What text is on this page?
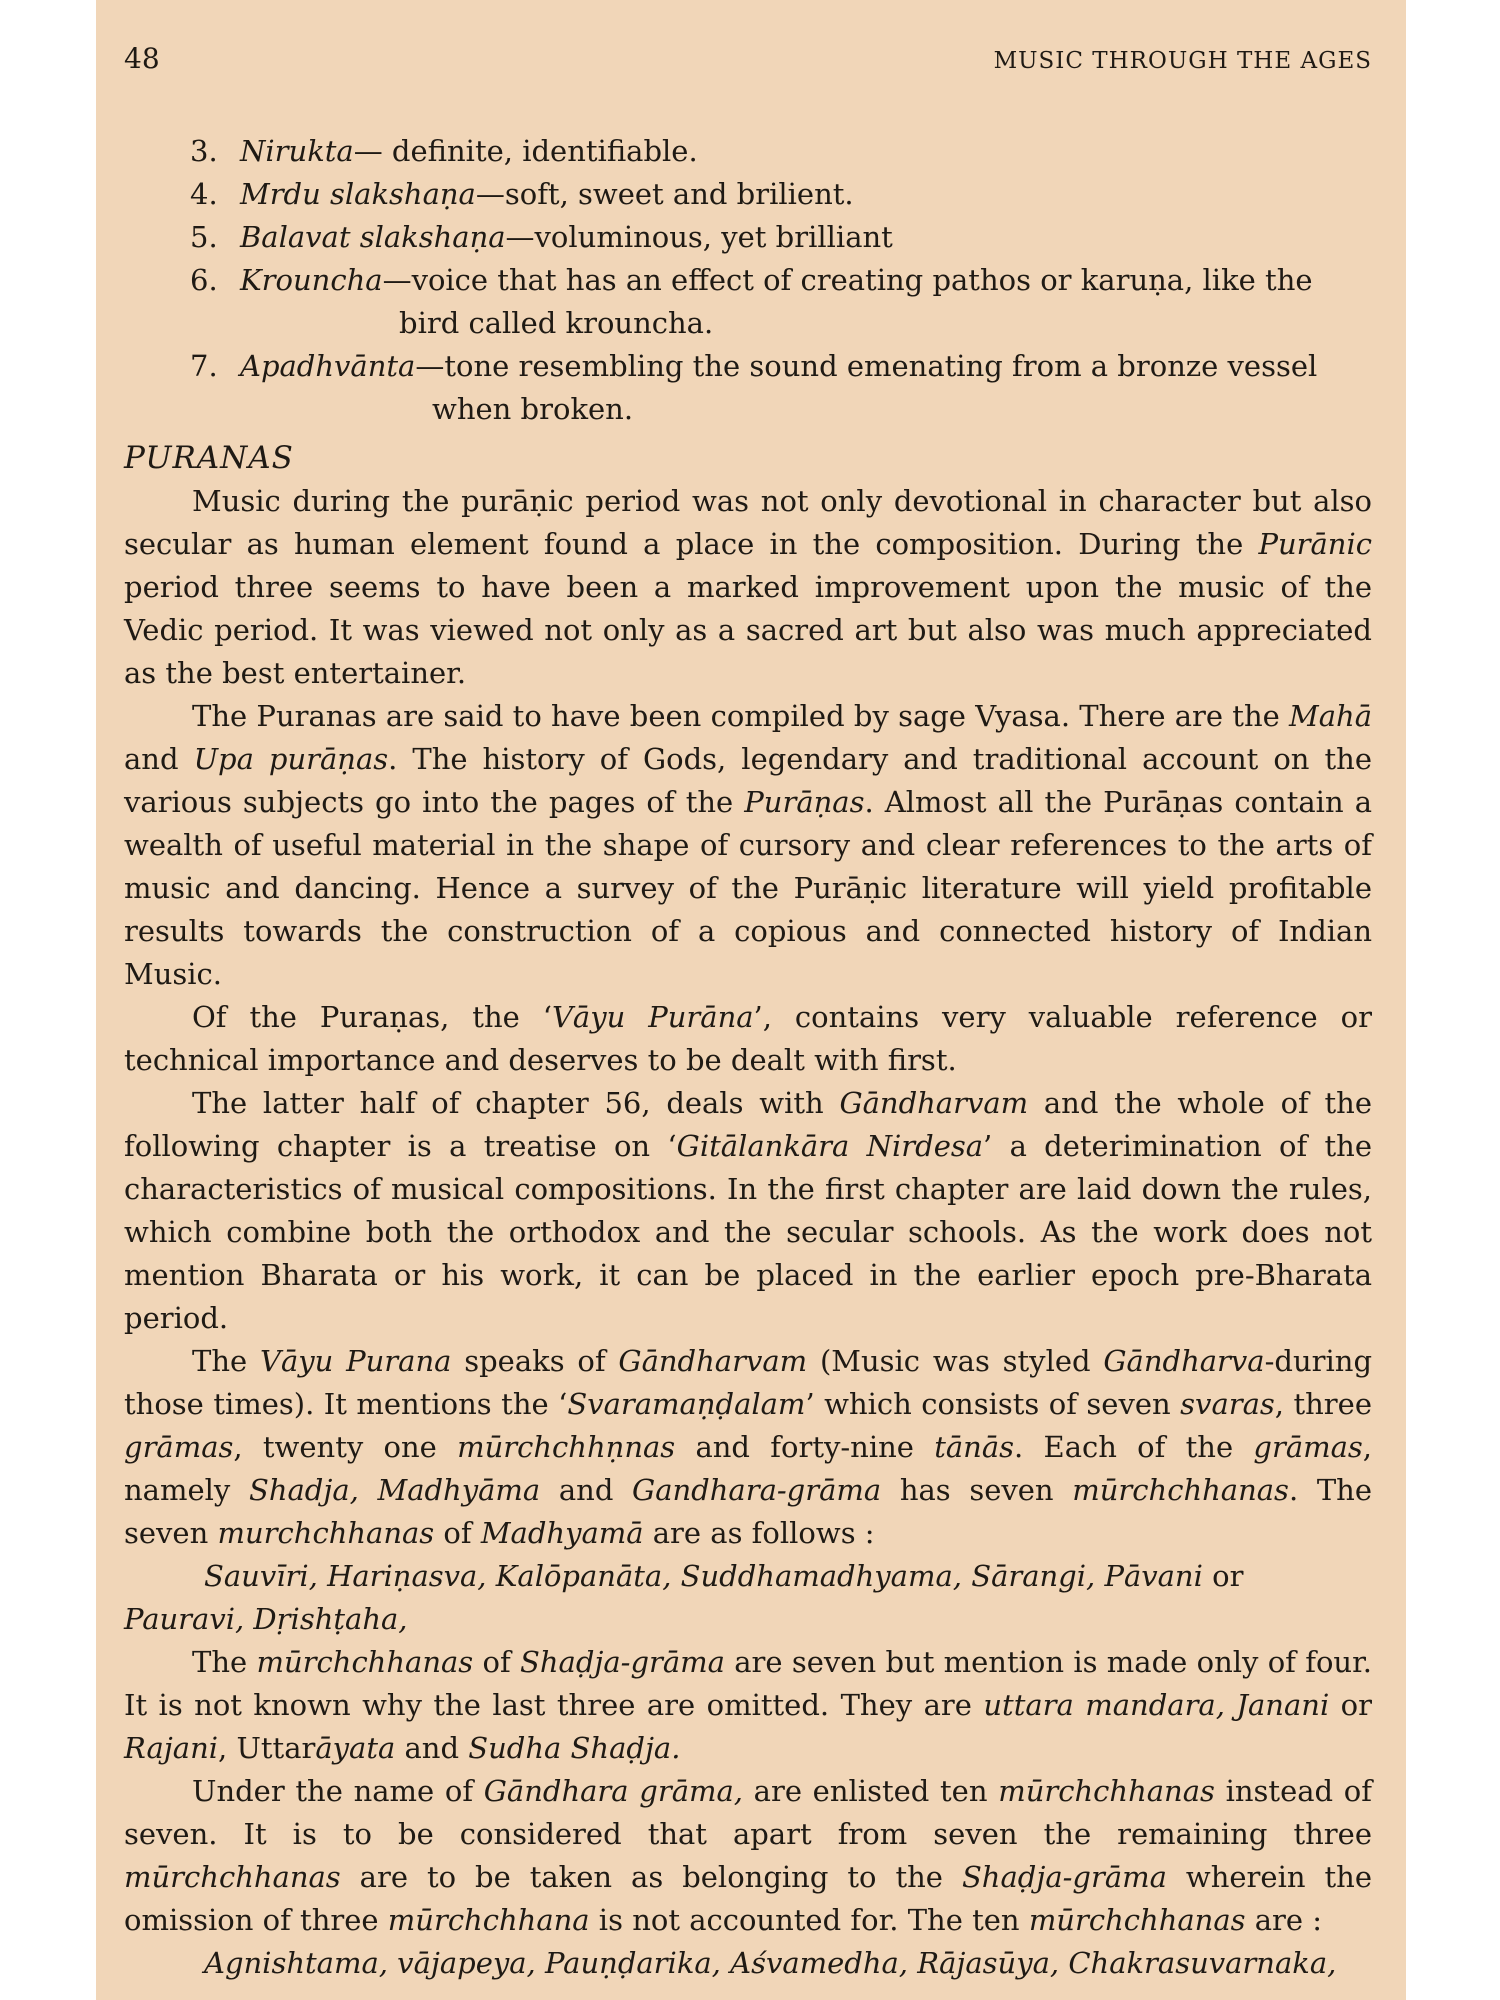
48	MUSIC THROUGH THE AGES
3. Nirukta— definite, identifiable.
4. Mrdu slakshaṇa—soft, sweet and brilient.
5. Balavat slakshaṇa—voluminous, yet brilliant
6. Krouncha—voice that has an effect of creating pathos or karuṇa, like the
bird called krouncha.
7. Apadhvānta—tone resembling the sound emenating from a bronze vessel
when broken.
PURANAS

Music during the purāṇic period was not only devotional in character but also secular as human element found a place in the composition. During the Purānic period three seems to have been a marked improvement upon the music of the Vedic period. It was viewed not only as a sacred art but also was much appreciated as the best entertainer.

The Puranas are said to have been compiled by sage Vyasa. There are the Mahā and Upa purāṇas. The history of Gods, legendary and traditional account on the various subjects go into the pages of the Purāṇas. Almost all the Purāṇas contain a wealth of useful material in the shape of cursory and clear references to the arts of music and dancing. Hence a survey of the Purāṇic literature will yield profitable results towards the construction of a copious and connected history of Indian Music.

Of the Puraṇas, the ‘Vāyu Purāna’, contains very valuable reference or technical importance and deserves to be dealt with first.

The latter half of chapter 56, deals with Gāndharvam and the whole of the following chapter is a treatise on ‘Gitālankāra Nirdesa’ a deterimination of the characteristics of musical compositions. In the first chapter are laid down the rules, which combine both the orthodox and the secular schools. As the work does not mention Bharata or his work, it can be placed in the earlier epoch pre-Bharata period.

The Vāyu Purana speaks of Gāndharvam (Music was styled Gāndharva-during those times). It mentions the ‘Svaramaṇḍalam’ which consists of seven svaras, three grāmas, twenty one mūrchchhṇnas and forty-nine tānās. Each of the grāmas, namely Shadja, Madhyāma and Gandhara-grāma has seven mūrchchhanas. The seven murchchhanas of Madhyamā are as follows :

Sauvīri, Hariṇasva, Kalōpanāta, Suddhamadhyama, Sārangi, Pāvani or Pauravi, Dṛishṭaha,

The mūrchchhanas of Shaḍja-grāma are seven but mention is made only of four. It is not known why the last three are omitted. They are uttara mandara, Janani or Rajani, Uttarāyata and Sudha Shaḍja.

Under the name of Gāndhara grāma, are enlisted ten mūrchchhanas instead of seven. It is to be considered that apart from seven the remaining three mūrchchhanas are to be taken as belonging to the Shaḍja-grāma wherein the omission of three mūrchchhana is not accounted for. The ten mūrchchhanas are :

Agnishtama, vājapeya, Pauṇḍarika, Aśvamedha, Rājasūya, Chakrasuvarnaka,
